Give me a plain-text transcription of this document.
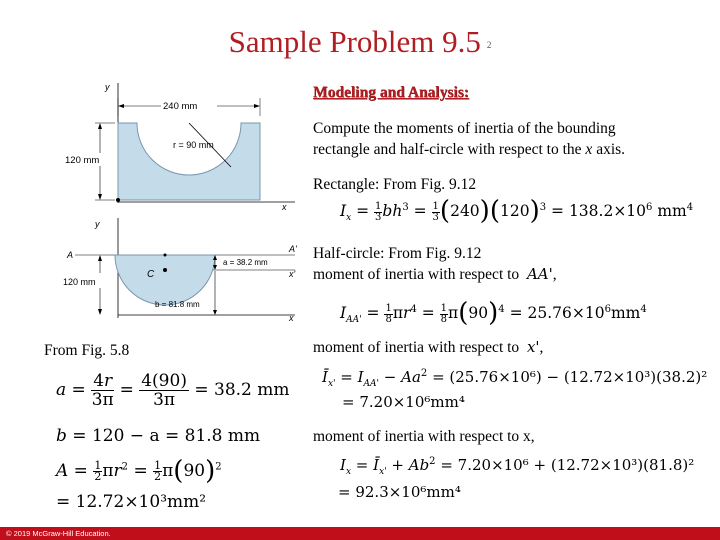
Sample Problem 9.5 2
y
x
r = 90 mm
240 mm
120 mm
y
A
A'
x'
x
C
a = 38.2 mm
b = 81.8 mm
120 mm
Modeling and Analysis:
Compute the moments of inertia of the bounding
rectangle and half-circle with respect to the x axis.
Rectangle: From Fig. 9.12
$I_x = \frac{1}{3} bh^3 = \frac{1}{3} (240)(120)^3 = 138.2\times 10^6$ $mm^4$
Half-circle: From Fig. 9.12
moment of inertia with respect to AA',
$I_{AA'} = \frac{1}{8} \pi r^4 = \frac{1}{8} \pi(90)^4 = 25.76\times 10^6mm^4$
moment of inertia with respect to x',
$Ī_{x'} = I_{AA'} - Aa^2 = (25.76\times 10^6) - (12.72\times 10^3)(38.2)^2$
= 7.20×10⁶mm⁴
moment of inertia with respect to x,
$I_x$ = $Ī_{x'} + Ab^2 = 7.20\times 10^6 + (12.72\times 10^3)(81.8)^2$
= 92.3×10⁶mm⁴
From Fig. 5.8
$a = \frac{4r}{3\pi} = \frac{4(90)}{3\pi} = 38.2$ mm
b = 120 − a = 81.8 mm
$A = \frac{1}{2} \pi r^2 = \frac{1}{2} \pi(90)^2$
= 12.72×10³mm²
© 2019 McGraw-Hill Education.
